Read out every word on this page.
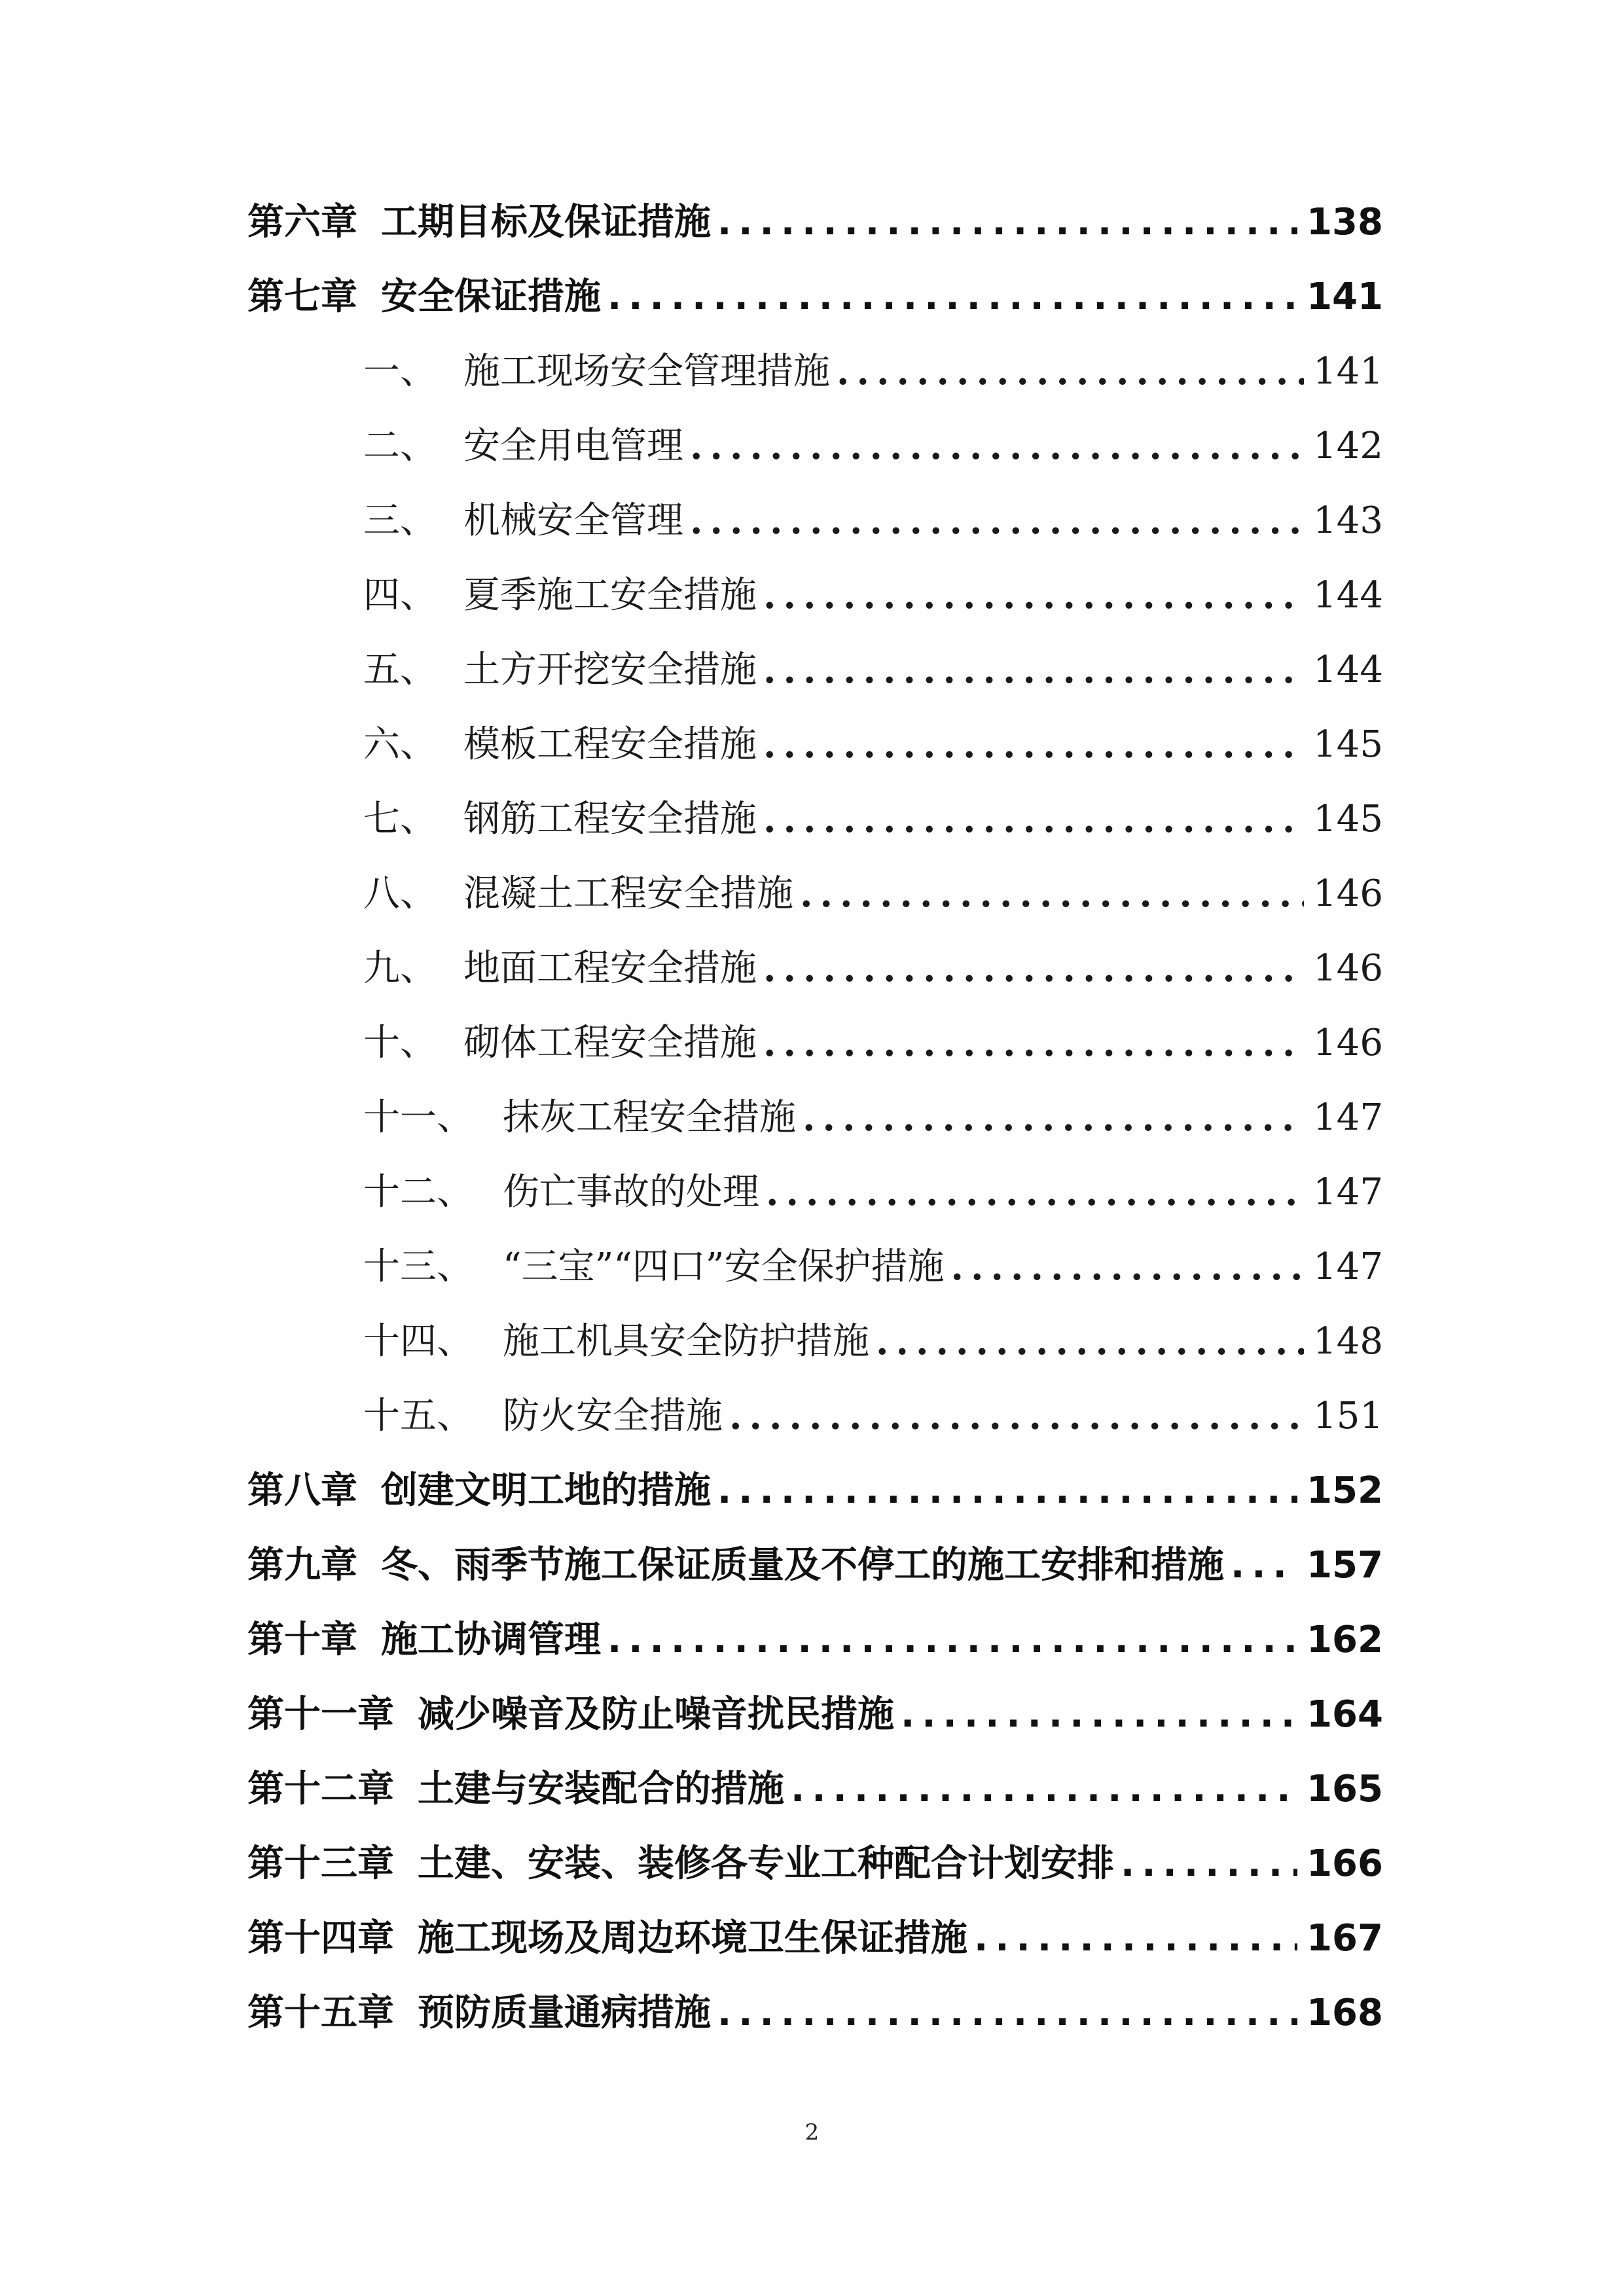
第六章 工期目标及保证措施 .....	138
第七章 安全保证措施 .....	141
一、 施工现场安全管理措施 .....	141
二、 安全用电管理 .....	142
三、 机械安全管理 .....	143
四、 夏季施工安全措施 .....	144
五、 土方开挖安全措施 .....	144
六、 模板工程安全措施 .....	145
七、 钢筋工程安全措施 .....	145
八、 混凝土工程安全措施 .....	146
九、 地面工程安全措施 .....	146
十、 砌体工程安全措施 .....	146
十一、 抹灰工程安全措施 .....	147
十二、 伤亡事故的处理 .....	147
十三、 “三宝”“四口”安全保护措施 .....	147
十四、 施工机具安全防护措施 .....	148
十五、 防火安全措施 .....	151
第八章 创建文明工地的措施 .....	152
第九章 冬、雨季节施工保证质量及不停工的施工安排和措施 ..... 157
第十章 施工协调管理 .....	162
第十一章 减少噪音及防止噪音扰民措施 .....	164
第十二章 土建与安装配合的措施 .....	165
第十三章 土建、安装、装修各专业工种配合计划安排 .....	166
第十四章 施工现场及周边环境卫生保证措施 .....	167
第十五章 预防质量通病措施 .....	168
2
